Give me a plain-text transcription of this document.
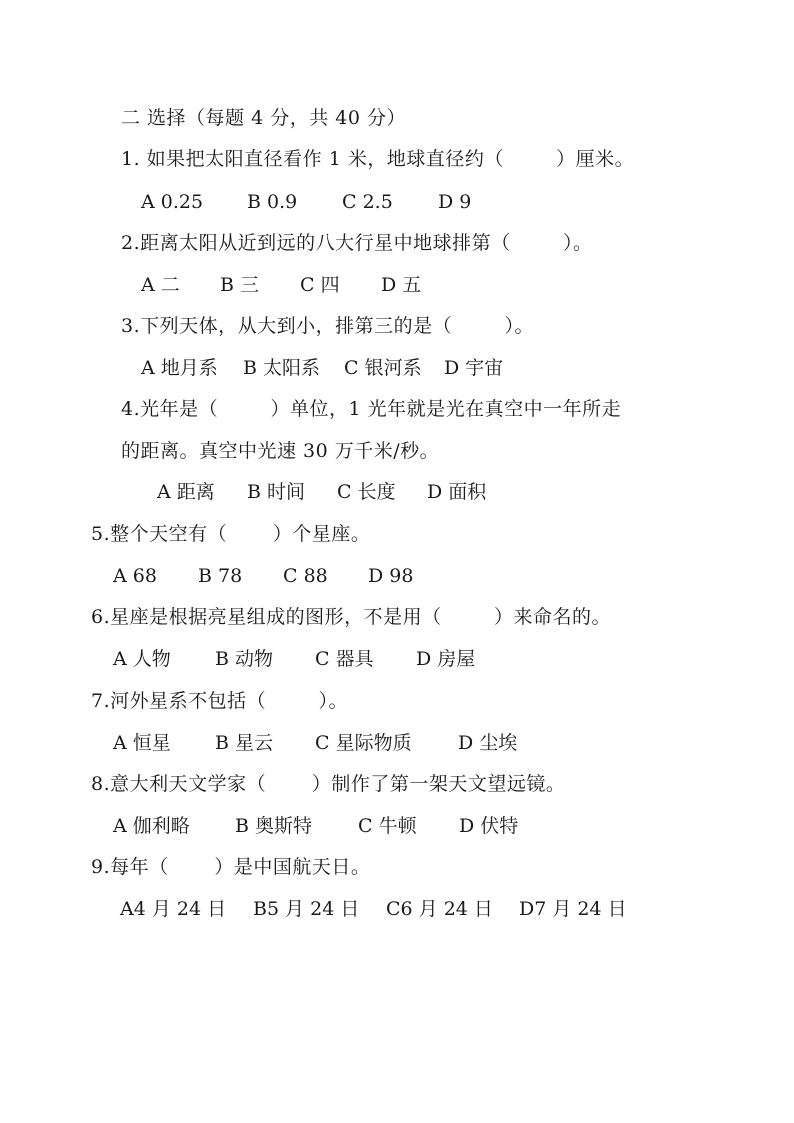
二 选择（每题 4 分，共 40 分）
1. 如果把太阳直径看作 1 米，地球直径约（        ）厘米。
A 0.25 B 0.9 C 2.5 D 9
2.距离太阳从近到远的八大行星中地球排第（        ）。
A 二 B 三 C 四 D 五
3.下列天体，从大到小，排第三的是（        ）。
A 地月系 B 太阳系 C 银河系 D 宇宙
4.光年是（        ）单位，1 光年就是光在真空中一年所走
的距离。真空中光速 30 万千米/秒。
A 距离 B 时间 C 长度 D 面积
5.整个天空有（       ）个星座。
A 68 B 78 C 88 D 98
6.星座是根据亮星组成的图形，不是用（        ）来命名的。
A 人物 B 动物 C 器具 D 房屋
7.河外星系不包括（        ）。
A 恒星 B 星云 C 星际物质 D 尘埃
8.意大利天文学家（       ）制作了第一架天文望远镜。
A 伽利略 B 奥斯特 C 牛顿 D 伏特
9.每年（       ）是中国航天日。
A4 月 24 日 B5 月 24 日 C6 月 24 日 D7 月 24 日
